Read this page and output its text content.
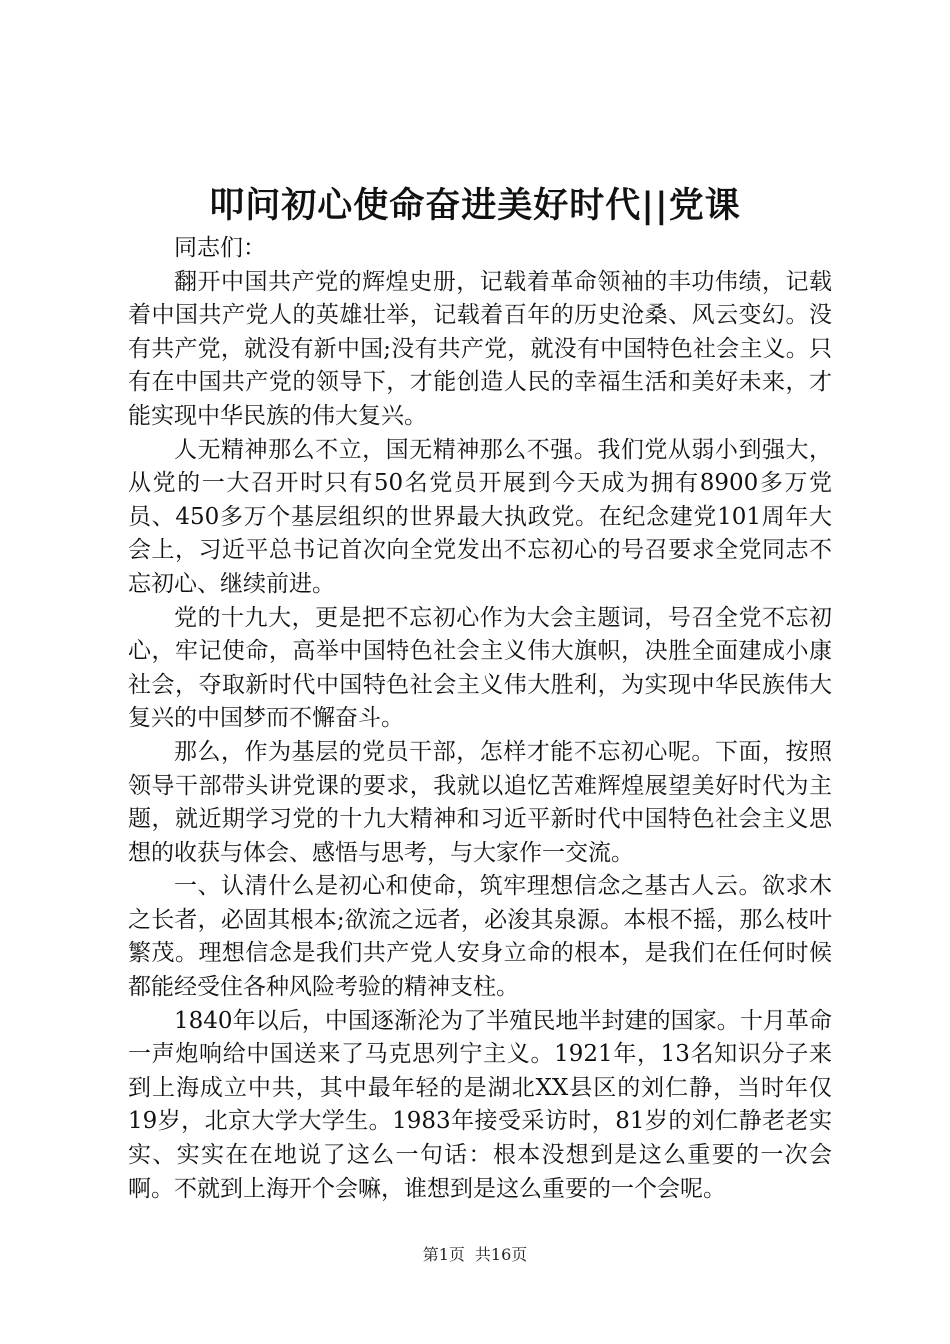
叩问初心使命奋进美好时代||党课

同志们：

翻开中国共产党的辉煌史册，记载着革命领袖的丰功伟绩，记载着中国共产党人的英雄壮举，记载着百年的历史沧桑、风云变幻。没有共产党，就没有新中国;没有共产党，就没有中国特色社会主义。只有在中国共产党的领导下，才能创造人民的幸福生活和美好未来，才能实现中华民族的伟大复兴。

人无精神那么不立，国无精神那么不强。我们党从弱小到强大，从党的一大召开时只有50名党员开展到今天成为拥有8900多万党员、450多万个基层组织的世界最大执政党。在纪念建党101周年大会上，习近平总书记首次向全党发出不忘初心的号召要求全党同志不忘初心、继续前进。

党的十九大，更是把不忘初心作为大会主题词，号召全党不忘初心，牢记使命，高举中国特色社会主义伟大旗帜，决胜全面建成小康社会，夺取新时代中国特色社会主义伟大胜利，为实现中华民族伟大复兴的中国梦而不懈奋斗。

那么，作为基层的党员干部，怎样才能不忘初心呢。下面，按照领导干部带头讲党课的要求，我就以追忆苦难辉煌展望美好时代为主题，就近期学习党的十九大精神和习近平新时代中国特色社会主义思想的收获与体会、感悟与思考，与大家作一交流。

一、认清什么是初心和使命，筑牢理想信念之基古人云。欲求木之长者，必固其根本;欲流之远者，必浚其泉源。本根不摇，那么枝叶繁茂。理想信念是我们共产党人安身立命的根本，是我们在任何时候都能经受住各种风险考验的精神支柱。

1840年以后，中国逐渐沦为了半殖民地半封建的国家。十月革命一声炮响给中国送来了马克思列宁主义。1921年，13名知识分子来到上海成立中共，其中最年轻的是湖北XX县区的刘仁静，当时年仅19岁，北京大学大学生。1983年接受采访时，81岁的刘仁静老老实实、实实在在地说了这么一句话：根本没想到是这么重要的一次会啊。不就到上海开个会嘛，谁想到是这么重要的一个会呢。

第1页 共16页
